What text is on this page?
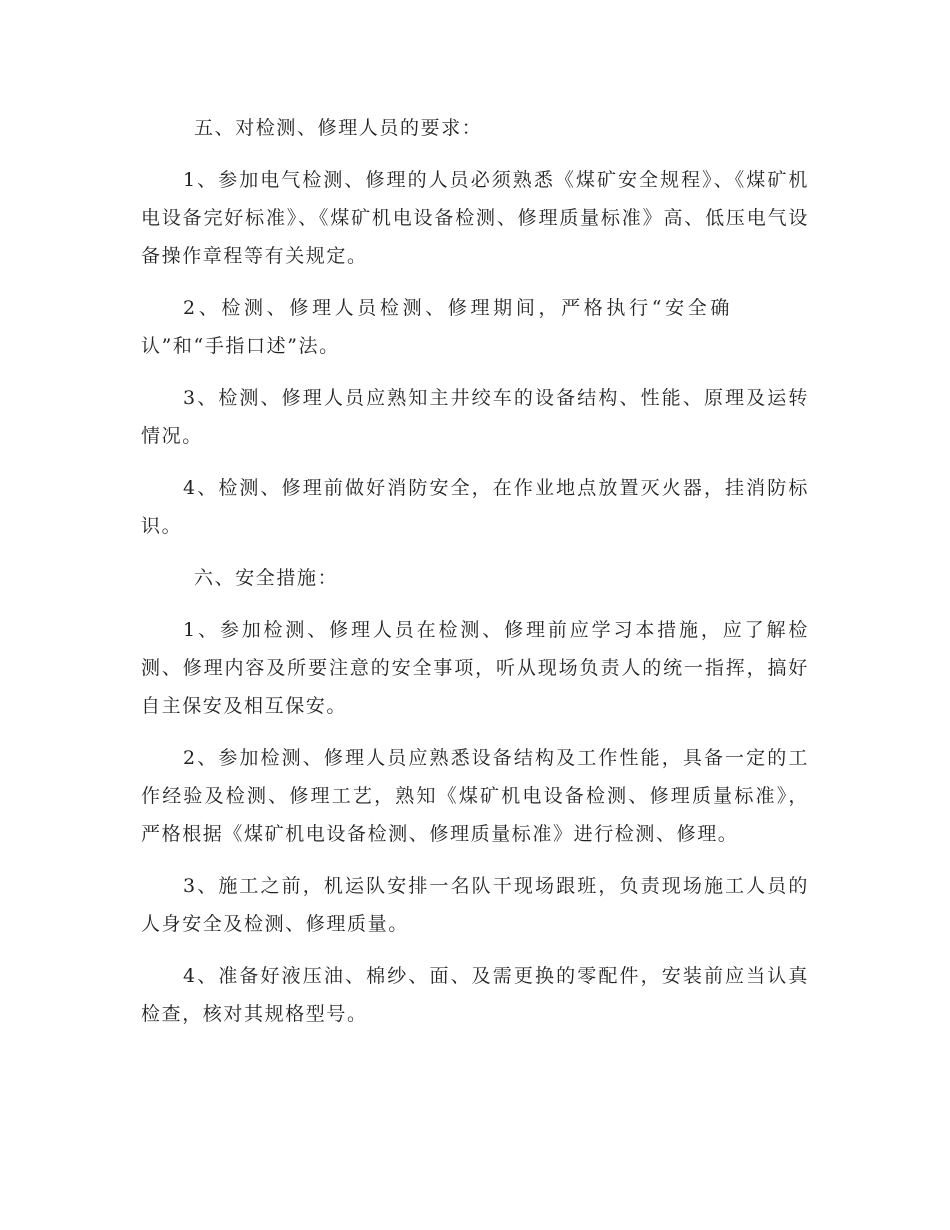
五、对检测、修理人员的要求：
1、参加电气检测、修理的人员必须熟悉《煤矿安全规程》、《煤矿机电设备完好标准》、《煤矿机电设备检测、修理质量标准》高、低压电气设备操作章程等有关规定。
2、检测、修理人员检测、修理期间，严格执行“安全确认”和“手指口述”法。
3、检测、修理人员应熟知主井绞车的设备结构、性能、原理及运转情况。
4、检测、修理前做好消防安全，在作业地点放置灭火器，挂消防标识。
六、安全措施：
1、参加检测、修理人员在检测、修理前应学习本措施，应了解检测、修理内容及所要注意的安全事项，听从现场负责人的统一指挥，搞好自主保安及相互保安。
2、参加检测、修理人员应熟悉设备结构及工作性能，具备一定的工作经验及检测、修理工艺，熟知《煤矿机电设备检测、修理质量标准》，严格根据《煤矿机电设备检测、修理质量标准》进行检测、修理。
3、施工之前，机运队安排一名队干现场跟班，负责现场施工人员的人身安全及检测、修理质量。
4、准备好液压油、棉纱、面、及需更换的零配件，安装前应当认真检查，核对其规格型号。
